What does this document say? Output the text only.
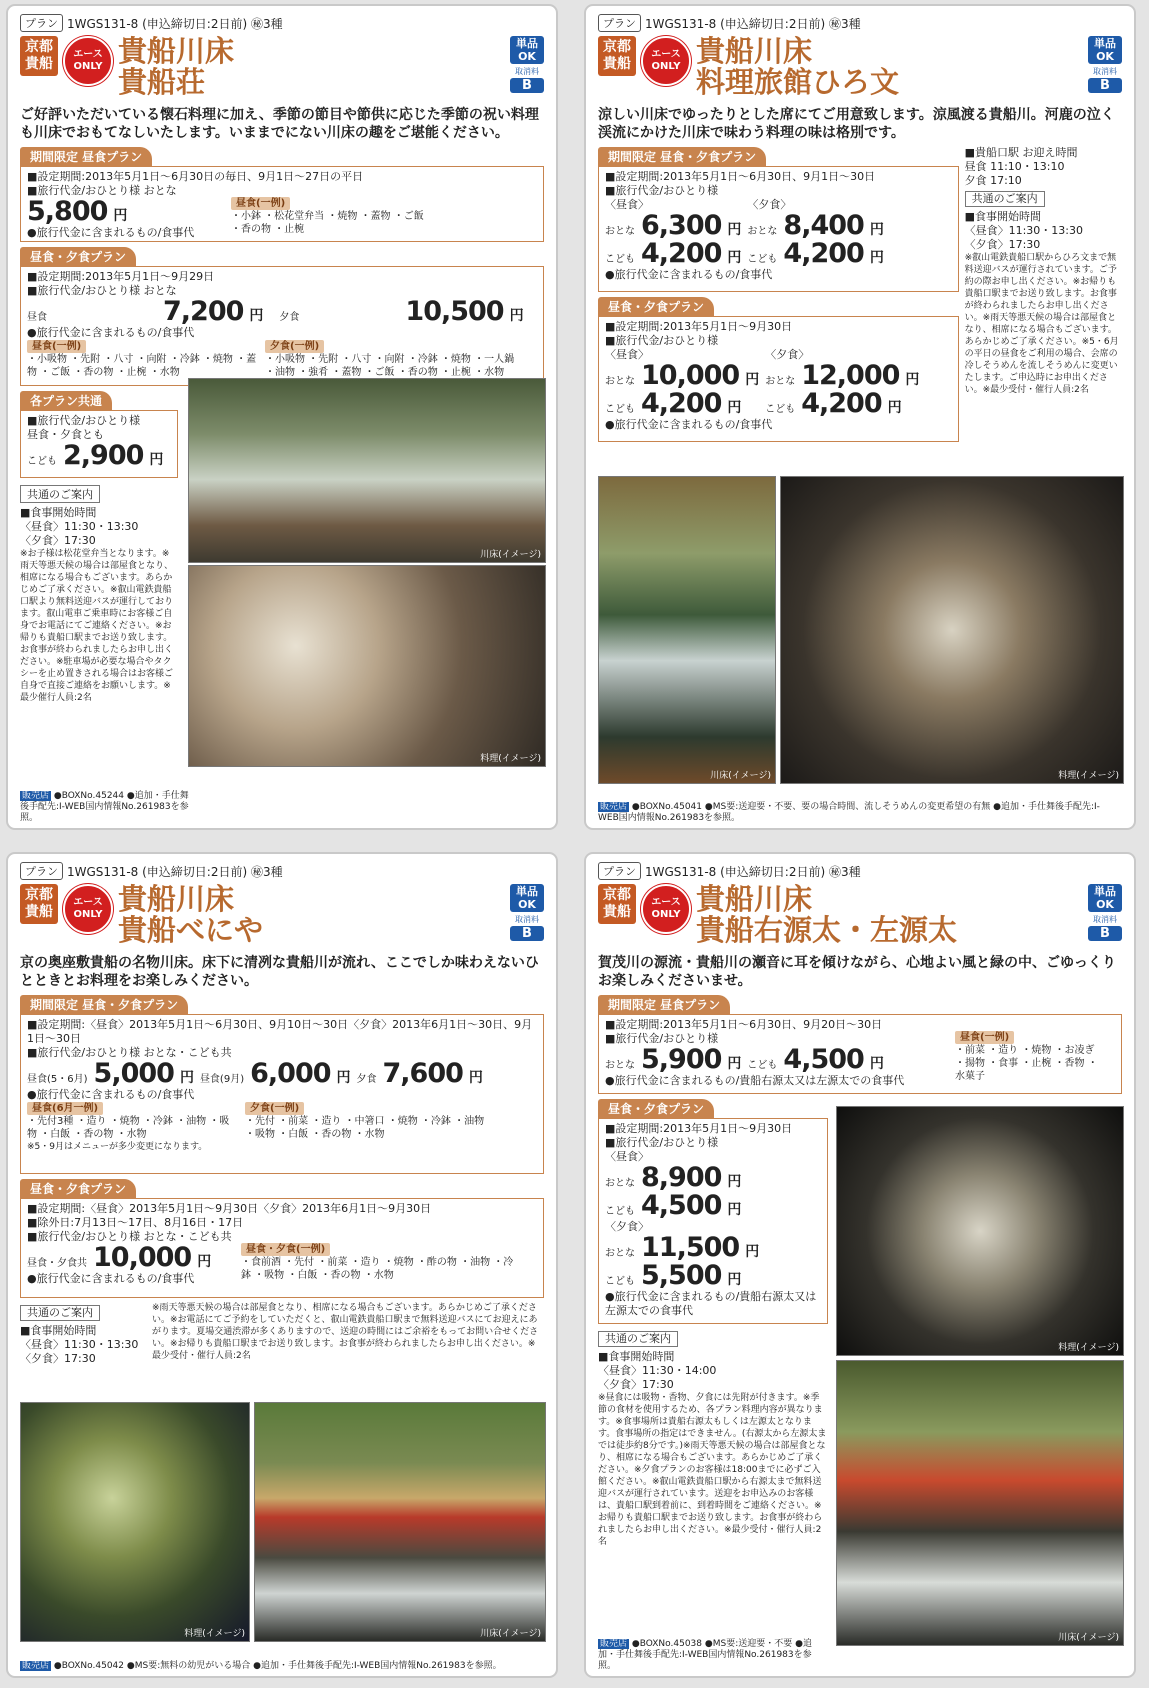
プラン 1WGS131-8 (申込締切日:2日前) ㊙3種
京都
貴船
エース
ONLY 貴船川床
貴船荘
単品OK
取消料
B
ご好評いただいている懐石料理に加え、季節の節目や節供に応じた季節の祝い料理も川床でおもてなしいたします。いままでにない川床の趣をご堪能ください。
期間限定 昼食プラン
■設定期間:2013年5月1日～6月30日の毎日、9月1日～27日の平日
■旅行代金/おひとり様 おとな
5,800 円
●旅行代金に含まれるもの/食事代
昼食(一例)
・小鉢 ・松花堂弁当 ・焼物 ・蓋物 ・ご飯 ・香の物 ・止椀
昼食・夕食プラン
■設定期間:2013年5月1日～9月29日
■旅行代金/おひとり様 おとな
昼食	7,200 円 夕食	10,500 円
●旅行代金に含まれるもの/食事代
昼食(一例)
・小吸物 ・先附 ・八寸 ・向附 ・冷鉢 ・焼物 ・蓋物 ・ご飯 ・香の物 ・止椀 ・水物
夕食(一例)
・小吸物 ・先附 ・八寸 ・向附 ・冷鉢 ・焼物 ・一人鍋 ・油物 ・強肴 ・蓋物 ・ご飯 ・香の物 ・止椀 ・水物
各プラン共通
■旅行代金/おひとり様
昼食・夕食とも
こども 2,900 円
共通のご案内
■食事開始時間
〈昼食〉11:30・13:30
〈夕食〉17:30
※お子様は松花堂弁当となります。※雨天等悪天候の場合は部屋食となり、相席になる場合もございます。あらかじめご了承ください。※叡山電鉄貴船口駅より無料送迎バスが運行しております。叡山電車ご乗車時にお客様ご自身でお電話にてご連絡ください。※お帰りも貴船口駅までお送り致します。お食事が終わられましたらお申し出ください。※駐車場が必要な場合やタクシーを止め置きされる場合はお客様ご自身で直接ご連絡をお願いします。※最少催行人員:2名
川床(イメージ)
料理(イメージ)
販売店 ●BOXNo.45244 ●追加・手仕舞後手配先:I-WEB国内情報No.261983を参照。
プラン 1WGS131-8 (申込締切日:2日前) ㊙3種
京都
貴船
エース
ONLY 貴船川床
料理旅館ひろ文
単品OK
取消料
B
涼しい川床でゆったりとした席にてご用意致します。涼風渡る貴船川。河鹿の泣く渓流にかけた川床で味わう料理の味は格別です。
期間限定 昼食・夕食プラン
■設定期間:2013年5月1日～6月30日、9月1日～30日
■旅行代金/おひとり様
〈昼食〉
おとな 6,300 円
こども 4,200 円
〈夕食〉
おとな 8,400 円
こども 4,200 円
●旅行代金に含まれるもの/食事代
昼食・夕食プラン
■設定期間:2013年5月1日～9月30日
■旅行代金/おひとり様
〈昼食〉
おとな 10,000 円
こども 4,200 円
〈夕食〉
おとな 12,000 円
こども 4,200 円
●旅行代金に含まれるもの/食事代
■貴船口駅 お迎え時間
昼食 11:10・13:10
夕食 17:10
共通のご案内
■食事開始時間
〈昼食〉11:30・13:30
〈夕食〉17:30
※叡山電鉄貴船口駅からひろ文まで無料送迎バスが運行されています。ご予約の際お申し出ください。※お帰りも貴船口駅までお送り致します。お食事が終わられましたらお申し出ください。※雨天等悪天候の場合は部屋食となり、相席になる場合もございます。あらかじめご了承ください。※5・6月の平日の昼食をご利用の場合、会席の冷しそうめんを流しそうめんに変更いたします。ご申込時にお申出ください。※最少受付・催行人員:2名
川床(イメージ)	料理(イメージ)
販売店 ●BOXNo.45041 ●MS要:送迎要・不要、要の場合時間、流しそうめんの変更希望の有無 ●追加・手仕舞後手配先:I-WEB国内情報No.261983を参照。
プラン 1WGS131-8 (申込締切日:2日前) ㊙3種
京都
貴船
エース
ONLY 貴船川床
貴船べにや
単品OK
取消料
B
京の奥座敷貴船の名物川床。床下に清冽な貴船川が流れ、ここでしか味わえないひとときとお料理をお楽しみください。
期間限定 昼食・夕食プラン
■設定期間:〈昼食〉2013年5月1日～6月30日、9月10日～30日〈夕食〉2013年6月1日～30日、9月1日～30日
■旅行代金/おひとり様 おとな・こども共
昼食(5・6月) 5,000 円 昼食(9月) 6,000 円 夕食 7,600 円
●旅行代金に含まれるもの/食事代
昼食(6月一例)
・先付3種 ・造り ・焼物 ・冷鉢 ・油物 ・吸物 ・白飯 ・香の物 ・水物
夕食(一例)
・先付 ・前菜 ・造り ・中箸口 ・焼物 ・冷鉢 ・油物 ・吸物 ・白飯 ・香の物 ・水物
※5・9月はメニューが多少変更になります。
昼食・夕食プラン
■設定期間:〈昼食〉2013年5月1日～9月30日〈夕食〉2013年6月1日～9月30日
■除外日:7月13日～17日、8月16日・17日
■旅行代金/おひとり様 おとな・こども共
昼食・夕食共 10,000 円
●旅行代金に含まれるもの/食事代
昼食・夕食(一例)
・食前酒 ・先付 ・前菜 ・造り ・焼物 ・酢の物 ・油物 ・冷鉢 ・吸物 ・白飯 ・香の物 ・水物
共通のご案内
■食事開始時間
〈昼食〉11:30・13:30
〈夕食〉17:30
※雨天等悪天候の場合は部屋食となり、相席になる場合もございます。あらかじめご了承ください。※お電話にてご予約をしていただくと、叡山電鉄貴船口駅まで無料送迎バスにてお迎えにあがります。夏場交通渋滞が多くありますので、送迎の時間にはご余裕をもってお問い合せください。※お帰りも貴船口駅までお送り致します。お食事が終わられましたらお申し出ください。※最少受付・催行人員:2名
料理(イメージ)	川床(イメージ)
販売店 ●BOXNo.45042 ●MS要:無料の幼児がいる場合 ●追加・手仕舞後手配先:I-WEB国内情報No.261983を参照。
プラン 1WGS131-8 (申込締切日:2日前) ㊙3種
京都
貴船
エース
ONLY 貴船川床
貴船右源太・左源太
単品OK
取消料
B
賀茂川の源流・貴船川の瀬音に耳を傾けながら、心地よい風と緑の中、ごゆっくりお楽しみくださいませ。
期間限定 昼食プラン
■設定期間:2013年5月1日～6月30日、9月20日～30日
■旅行代金/おひとり様
おとな 5,900 円 こども 4,500 円
●旅行代金に含まれるもの/貴船右源太又は左源太での食事代
昼食(一例)
・前菜 ・造り ・焼物 ・お凌ぎ ・揚物 ・食事 ・止椀 ・香物 ・水菓子
昼食・夕食プラン
■設定期間:2013年5月1日～9月30日
■旅行代金/おひとり様
〈昼食〉
おとな 8,900 円
こども 4,500 円
〈夕食〉
おとな 11,500 円
こども 5,500 円
●旅行代金に含まれるもの/貴船右源太又は左源太での食事代
共通のご案内
■食事開始時間
〈昼食〉11:30・14:00
〈夕食〉17:30
※昼食には吸物・香物、夕食には先附が付きます。※季節の食材を使用するため、各プラン料理内容が異なります。※食事場所は貴船右源太もしくは左源太となります。食事場所の指定はできません。(右源太から左源太までは徒歩約8分です。)※雨天等悪天候の場合は部屋食となり、相席になる場合もございます。あらかじめご了承ください。※夕食プランのお客様は18:00までに必ずご入館ください。※叡山電鉄貴船口駅から右源太まで無料送迎バスが運行されています。送迎をお申込みのお客様は、貴船口駅到着前に、到着時間をご連絡ください。※お帰りも貴船口駅までお送り致します。お食事が終わられましたらお申し出ください。※最少受付・催行人員:2名
料理(イメージ)
川床(イメージ)
販売店 ●BOXNo.45038 ●MS要:送迎要・不要 ●追加・手仕舞後手配先:I-WEB国内情報No.261983を参照。
